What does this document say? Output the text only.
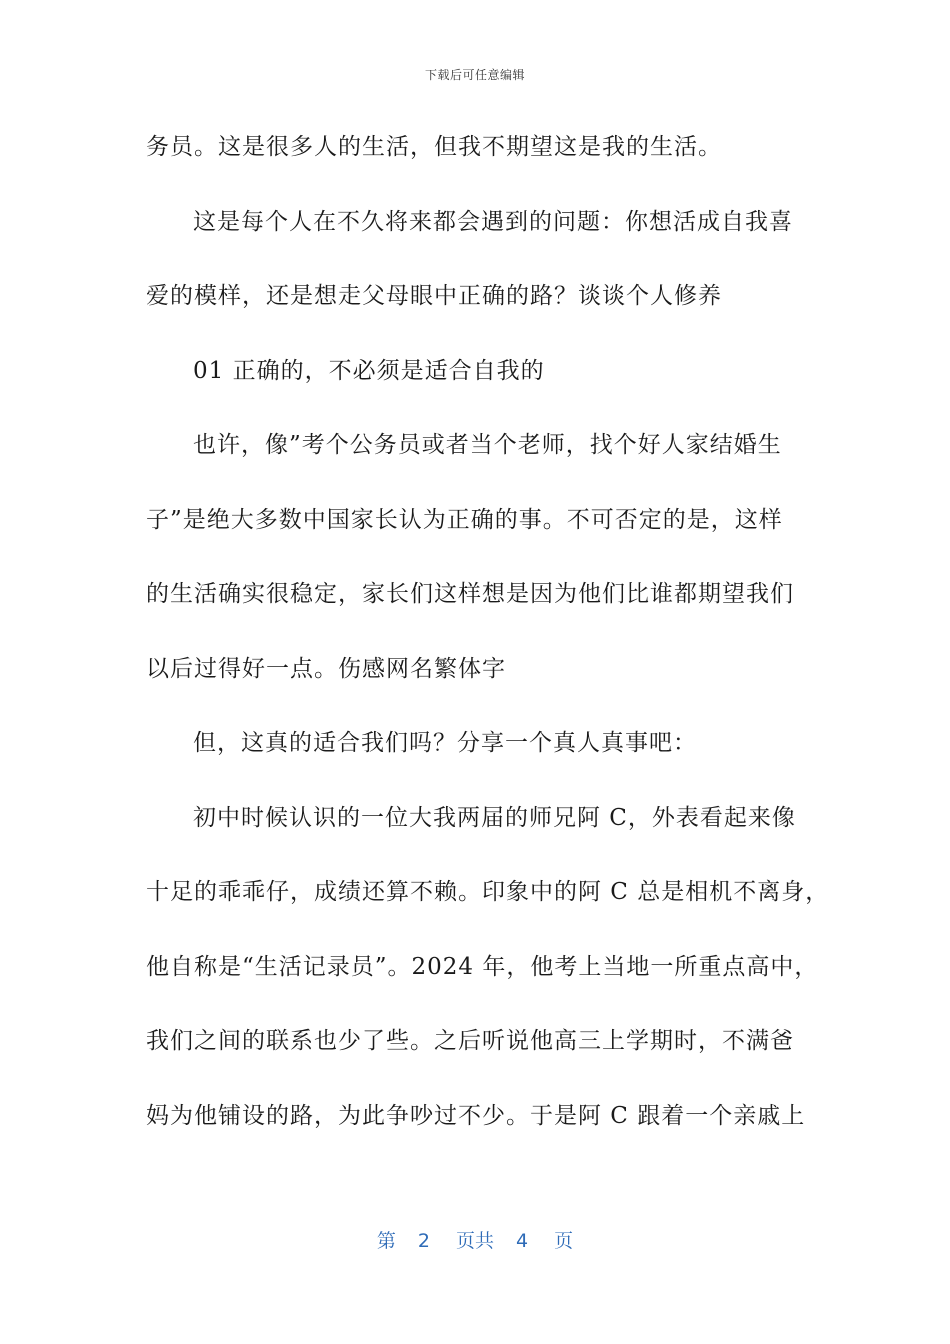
下载后可任意编辑
务员。这是很多人的生活，但我不期望这是我的生活。
这是每个人在不久将来都会遇到的问题：你想活成自我喜
爱的模样，还是想走父母眼中正确的路？谈谈个人修养
01 正确的，不必须是适合自我的
也许，像”考个公务员或者当个老师，找个好人家结婚生
子”是绝大多数中国家长认为正确的事。不可否定的是，这样
的生活确实很稳定，家长们这样想是因为他们比谁都期望我们
以后过得好一点。伤感网名繁体字
但，这真的适合我们吗？分享一个真人真事吧：
初中时候认识的一位大我两届的师兄阿 C，外表看起来像
十足的乖乖仔，成绩还算不赖。印象中的阿 C 总是相机不离身，
他自称是“生活记录员”。2024 年，他考上当地一所重点高中，
我们之间的联系也少了些。之后听说他高三上学期时，不满爸
妈为他铺设的路，为此争吵过不少。于是阿 C 跟着一个亲戚上
第 2 页共 4 页
